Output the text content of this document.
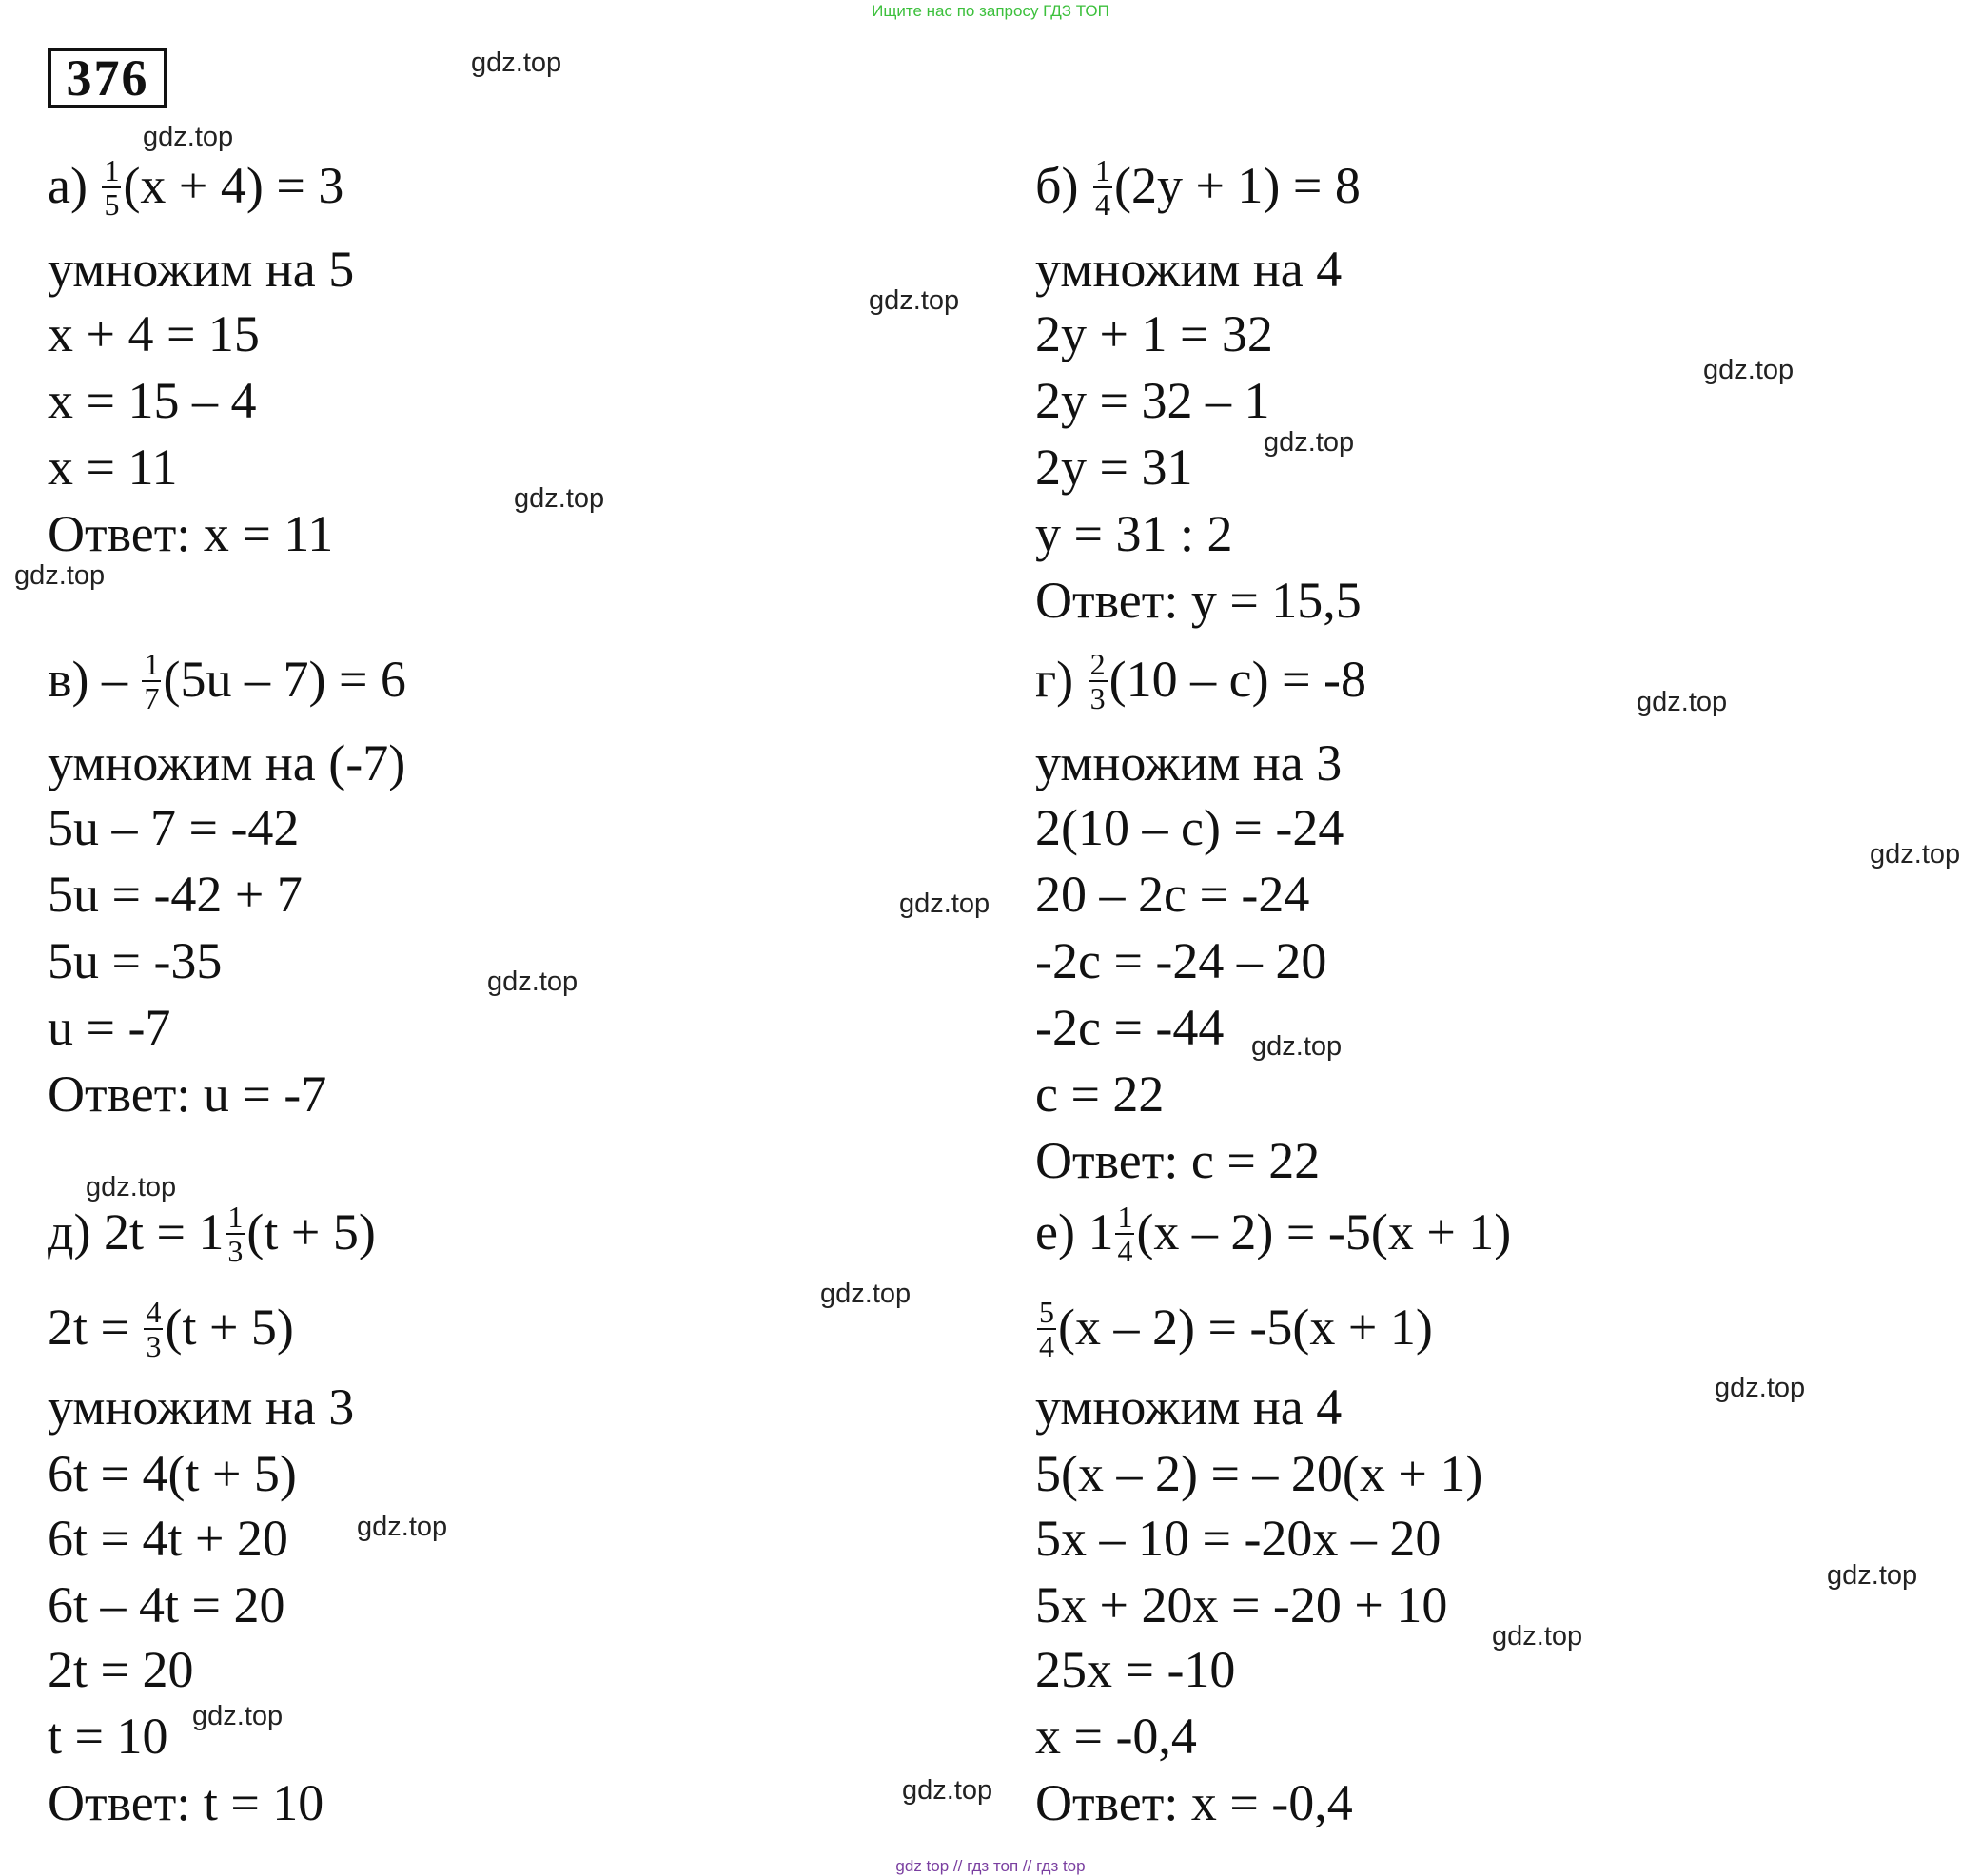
Ищите нас по запросу ГДЗ ТОП
376
$а) \frac{1}{5} (x + 4) = 3$
умножим на 5
x + 4 = 15
x = 15 – 4
x = 11
Ответ: x = 11
$б) \frac{1}{4} (2y + 1) = 8$
умножим на 4
2y + 1 = 32
2y = 32 – 1
2y = 31
y = 31 : 2
Ответ: y = 15,5
$в) - \frac{1}{7} (5u - 7) = 6$
умножим на (-7)
5u – 7 = -42
5u = -42 + 7
5u = -35
u = -7
Ответ: u = -7
$г) \frac{2}{3} (10 - c) = -8$
умножим на 3
2(10 – c) = -24
20 – 2c = -24
-2c = -24 – 20
-2c = -44
c = 22
Ответ: c = 22
д) $2t = 1 \frac{1}{3} (t + 5)$
$2t = \frac{4}{3} (t + 5)$
умножим на 3
6t = 4(t + 5)
6t = 4t + 20
6t – 4t = 20
2t = 20
t = 10
Ответ: t = 10
е) $1 \frac{1}{4} (x - 2) = -5(x + 1)$
$\frac{5}{4} (x - 2) = -5(x + 1)$
умножим на 4
5(x – 2) = – 20(x + 1)
5x – 10 = -20x – 20
5x + 20x = -20 + 10
25x = -10
x = -0,4
Ответ: x = -0,4
gdz.top
gdz.top
gdz.top
gdz.top
gdz.top
gdz.top
gdz.top
gdz.top
gdz.top
gdz.top
gdz.top
gdz.top
gdz.top
gdz.top
gdz.top
gdz.top
gdz.top
gdz.top
gdz.top
gdz.top
gdz top // гдз топ // гдз top
